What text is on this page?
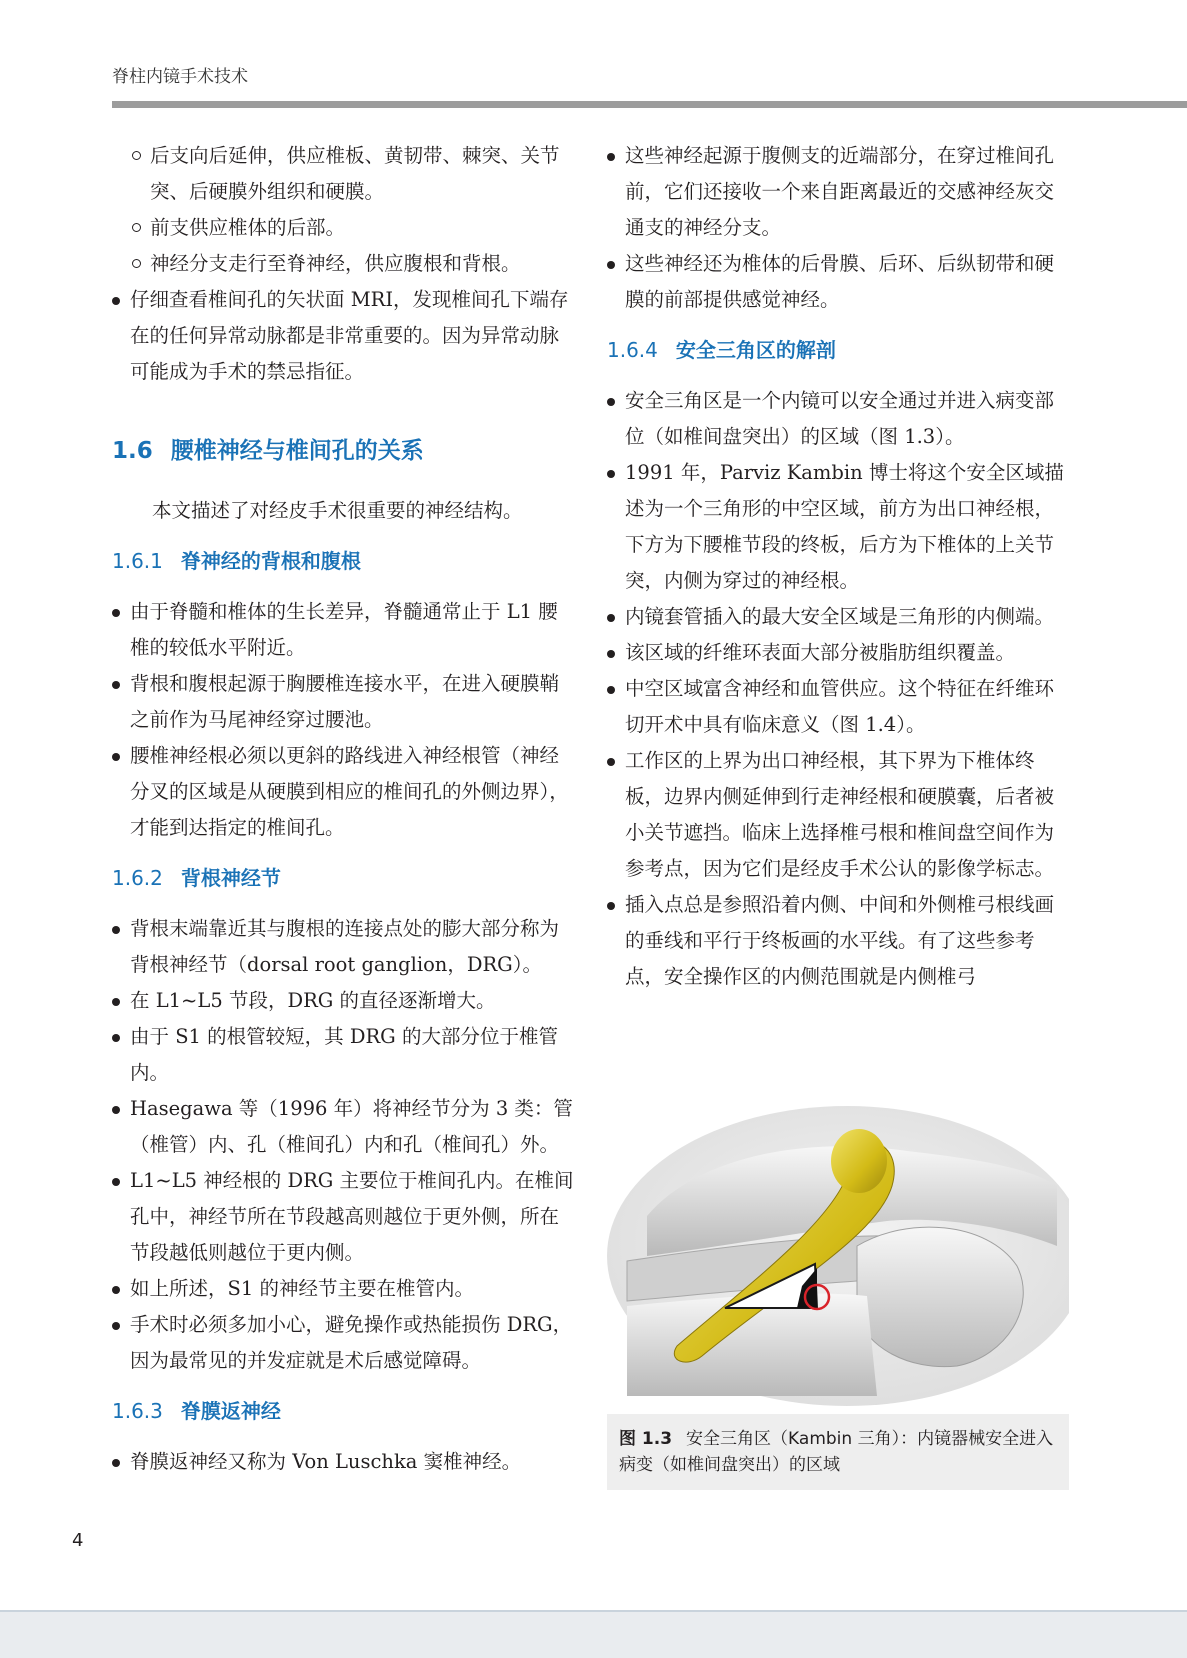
脊柱内镜手术技术
后支向后延伸，供应椎板、黄韧带、棘突、关节突、后硬膜外组织和硬膜。
前支供应椎体的后部。
神经分支走行至脊神经，供应腹根和背根。
仔细查看椎间孔的矢状面 MRI，发现椎间孔下端存在的任何异常动脉都是非常重要的。因为异常动脉可能成为手术的禁忌指征。
1.6 腰椎神经与椎间孔的关系

本文描述了对经皮手术很重要的神经结构。

1.6.1 脊神经的背根和腹根
由于脊髓和椎体的生长差异，脊髓通常止于 L1 腰椎的较低水平附近。
背根和腹根起源于胸腰椎连接水平，在进入硬膜鞘之前作为马尾神经穿过腰池。
腰椎神经根必须以更斜的路线进入神经根管（神经分叉的区域是从硬膜到相应的椎间孔的外侧边界），才能到达指定的椎间孔。
1.6.2 背根神经节
背根末端靠近其与腹根的连接点处的膨大部分称为背根神经节（dorsal root ganglion，DRG）。
在 L1~L5 节段，DRG 的直径逐渐增大。
由于 S1 的根管较短，其 DRG 的大部分位于椎管内。
Hasegawa 等（1996 年）将神经节分为 3 类：管（椎管）内、孔（椎间孔）内和孔（椎间孔）外。
L1~L5 神经根的 DRG 主要位于椎间孔内。在椎间孔中，神经节所在节段越高则越位于更外侧，所在节段越低则越位于更内侧。
如上所述，S1 的神经节主要在椎管内。
手术时必须多加小心，避免操作或热能损伤 DRG，因为最常见的并发症就是术后感觉障碍。
1.6.3 脊膜返神经
脊膜返神经又称为 Von Luschka 窦椎神经。
这些神经起源于腹侧支的近端部分，在穿过椎间孔前，它们还接收一个来自距离最近的交感神经灰交通支的神经分支。
这些神经还为椎体的后骨膜、后环、后纵韧带和硬膜的前部提供感觉神经。
1.6.4 安全三角区的解剖
安全三角区是一个内镜可以安全通过并进入病变部位（如椎间盘突出）的区域（图 1.3）。
1991 年，Parviz Kambin 博士将这个安全区域描述为一个三角形的中空区域，前方为出口神经根，下方为下腰椎节段的终板，后方为下椎体的上关节突，内侧为穿过的神经根。
内镜套管插入的最大安全区域是三角形的内侧端。
该区域的纤维环表面大部分被脂肪组织覆盖。
中空区域富含神经和血管供应。这个特征在纤维环切开术中具有临床意义（图 1.4）。
工作区的上界为出口神经根，其下界为下椎体终板，边界内侧延伸到行走神经根和硬膜囊，后者被小关节遮挡。临床上选择椎弓根和椎间盘空间作为参考点，因为它们是经皮手术公认的影像学标志。
插入点总是参照沿着内侧、中间和外侧椎弓根线画的垂线和平行于终板画的水平线。有了这些参考点，安全操作区的内侧范围就是内侧椎弓
图 1.3 安全三角区（Kambin 三角）：内镜器械安全进入病变（如椎间盘突出）的区域
4
